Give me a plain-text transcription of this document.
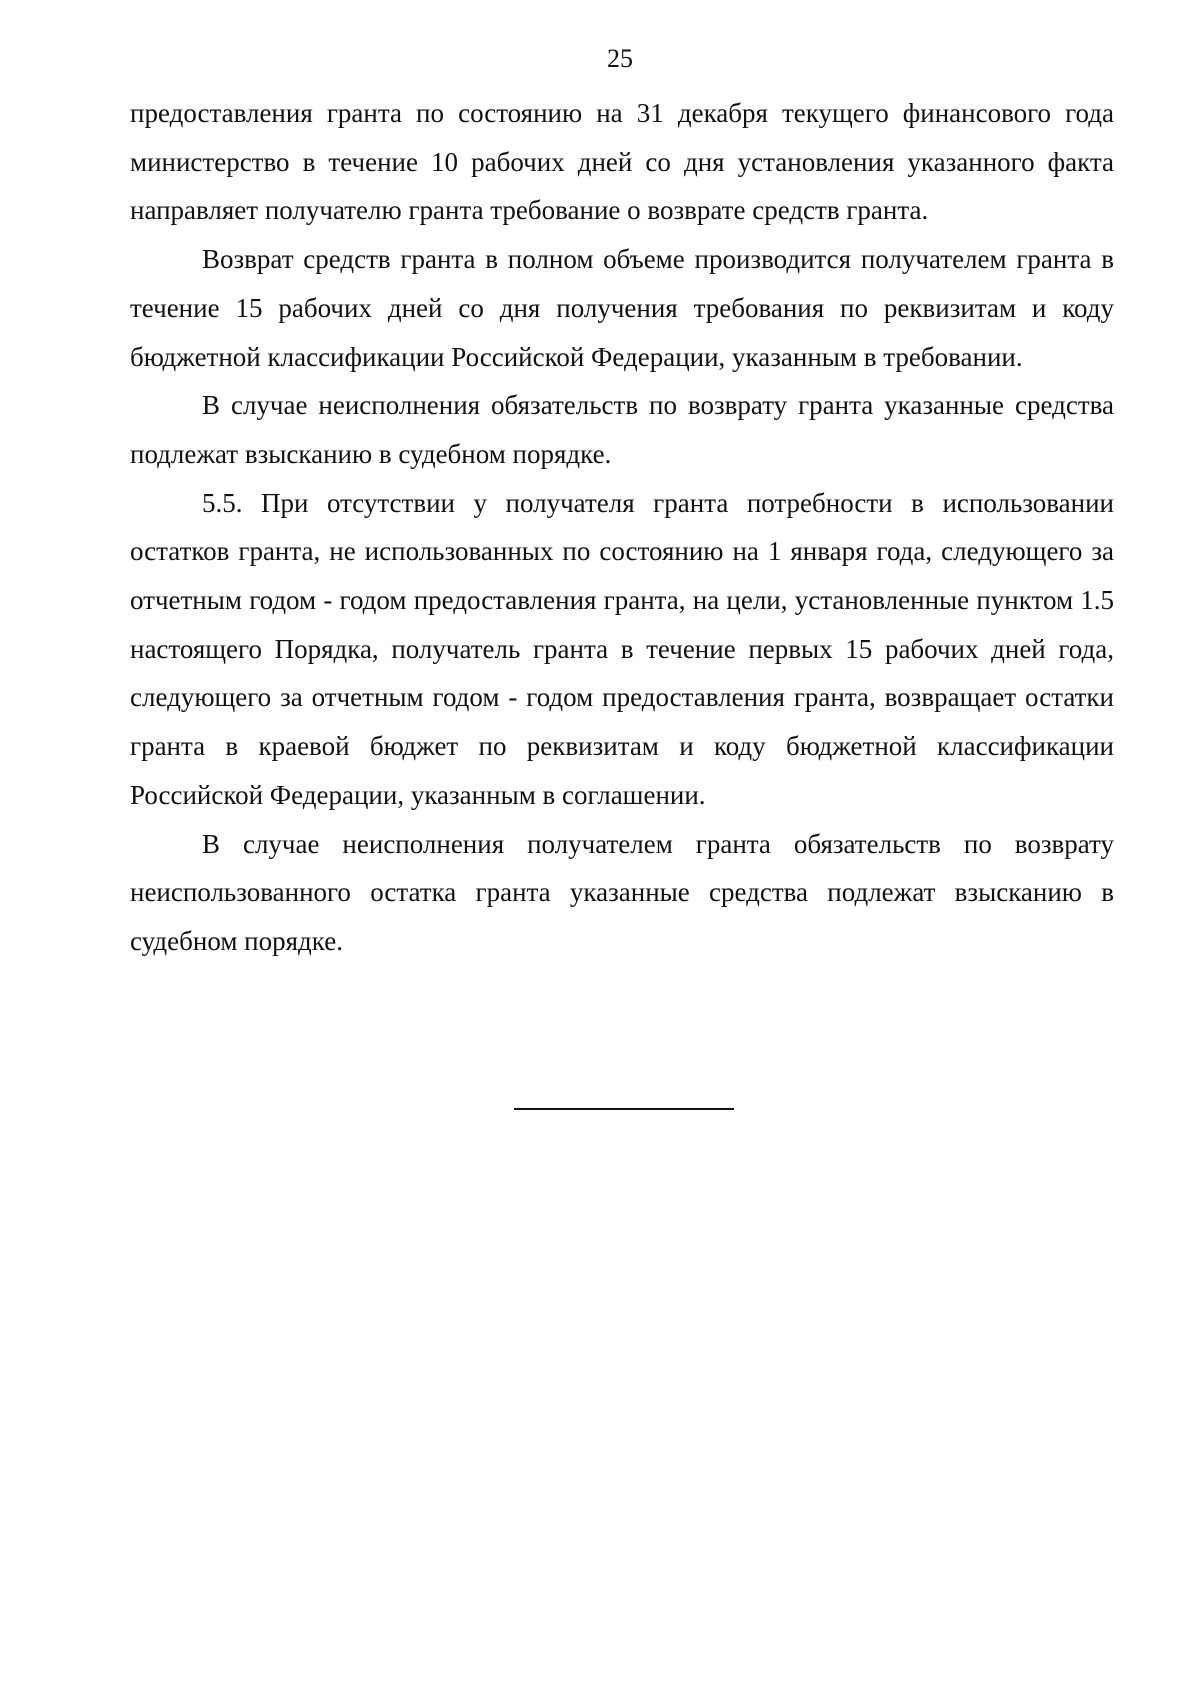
25

предоставления гранта по состоянию на 31 декабря текущего финансового года министерство в течение 10 рабочих дней со дня установления указанного факта направляет получателю гранта требование о возврате средств гранта.

Возврат средств гранта в полном объеме производится получателем гранта в течение 15 рабочих дней со дня получения требования по реквизитам и коду бюджетной классификации Российской Федерации, указанным в требовании.

В случае неисполнения обязательств по возврату гранта указанные средства подлежат взысканию в судебном порядке.

5.5. При отсутствии у получателя гранта потребности в использовании остатков гранта, не использованных по состоянию на 1 января года, следующего за отчетным годом - годом предоставления гранта, на цели, установленные пунктом 1.5 настоящего Порядка, получатель гранта в течение первых 15 рабочих дней года, следующего за отчетным годом - годом предоставления гранта, возвращает остатки гранта в краевой бюджет по реквизитам и коду бюджетной классификации Российской Федерации, указанным в соглашении.

В случае неисполнения получателем гранта обязательств по возврату неиспользованного остатка гранта указанные средства подлежат взысканию в судебном порядке.
